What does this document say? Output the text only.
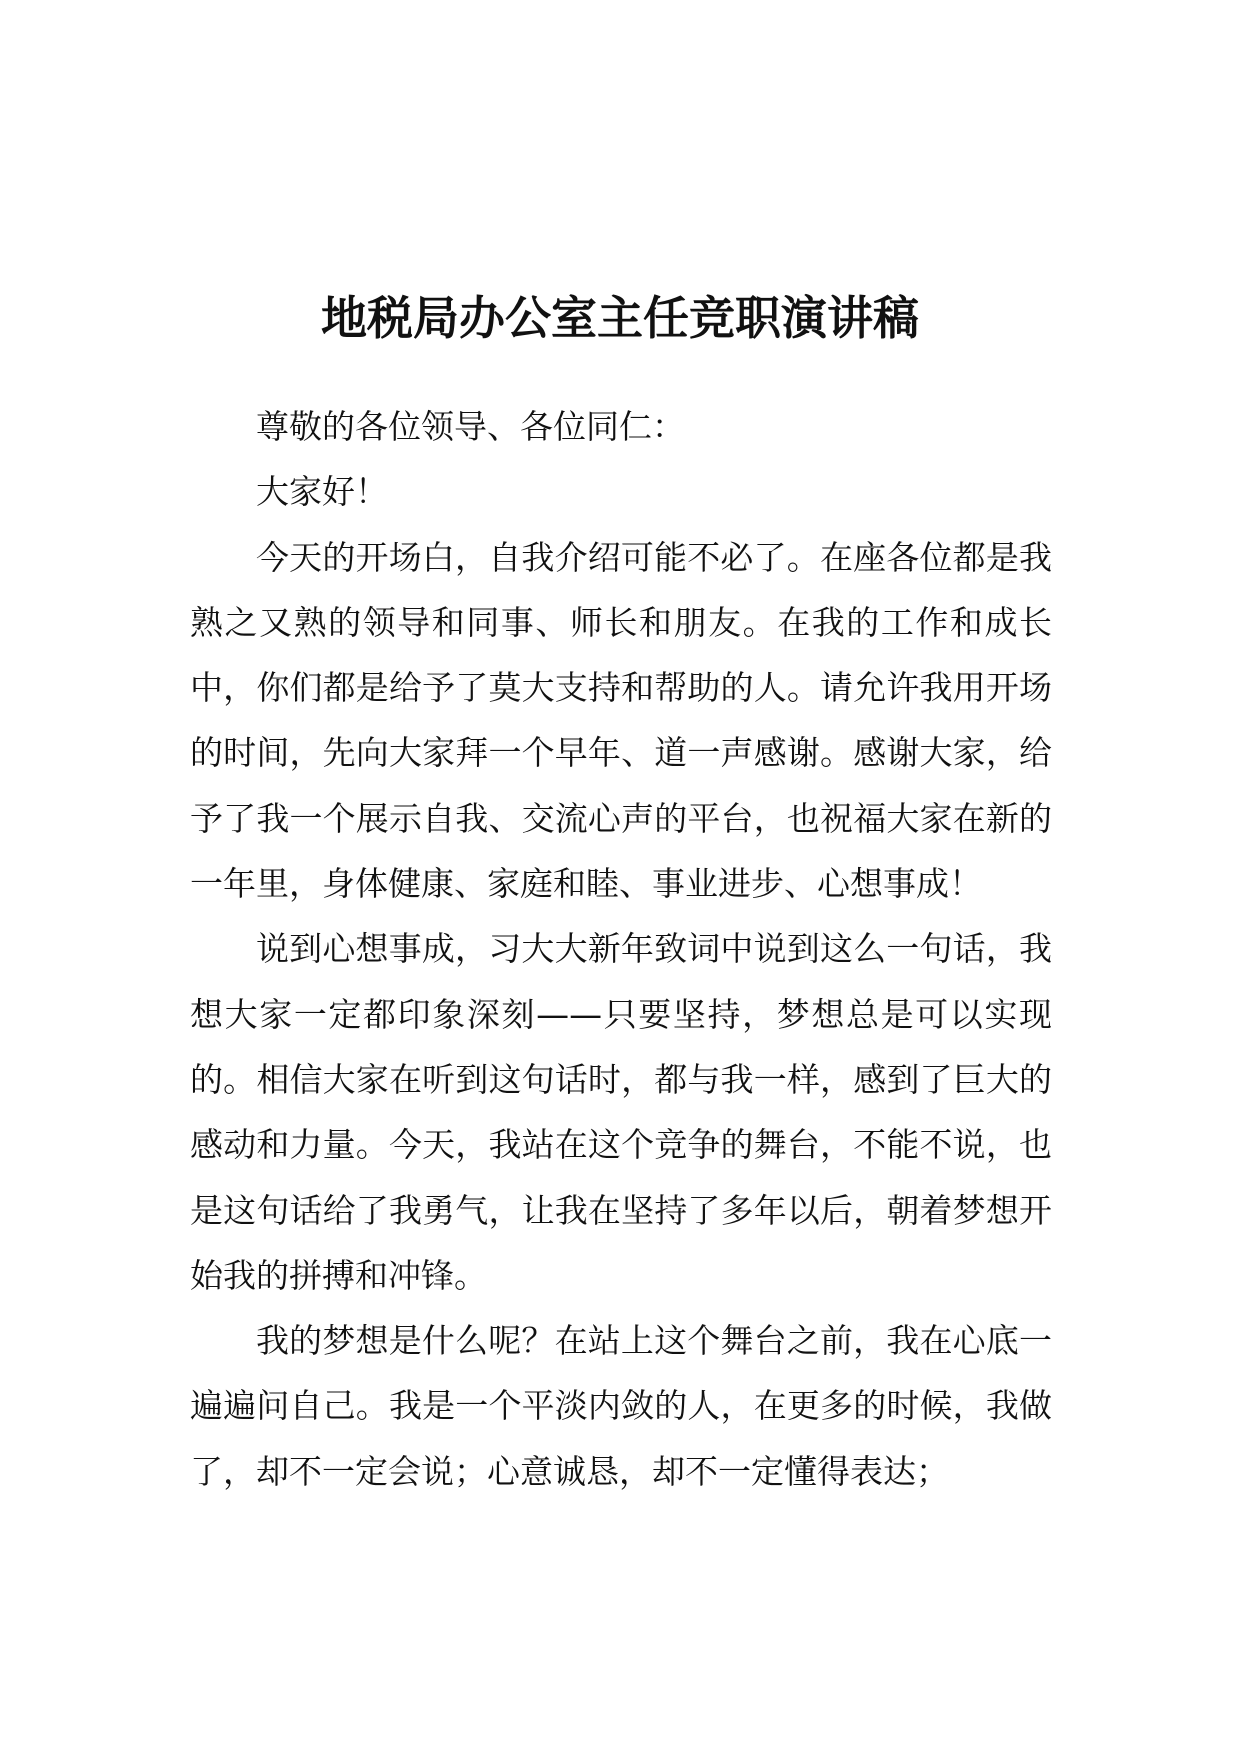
地税局办公室主任竞职演讲稿

尊敬的各位领导、各位同仁：

大家好！

今天的开场白，自我介绍可能不必了。在座各位都是我熟之又熟的领导和同事、师长和朋友。在我的工作和成长中，你们都是给予了莫大支持和帮助的人。请允许我用开场的时间，先向大家拜一个早年、道一声感谢。感谢大家，给予了我一个展示自我、交流心声的平台，也祝福大家在新的一年里，身体健康、家庭和睦、事业进步、心想事成！

说到心想事成，习大大新年致词中说到这么一句话，我想大家一定都印象深刻——只要坚持，梦想总是可以实现的。相信大家在听到这句话时，都与我一样，感到了巨大的感动和力量。今天，我站在这个竞争的舞台，不能不说，也是这句话给了我勇气，让我在坚持了多年以后，朝着梦想开始我的拼搏和冲锋。

我的梦想是什么呢？在站上这个舞台之前，我在心底一遍遍问自己。我是一个平淡内敛的人，在更多的时候，我做了，却不一定会说；心意诚恳，却不一定懂得表达；
